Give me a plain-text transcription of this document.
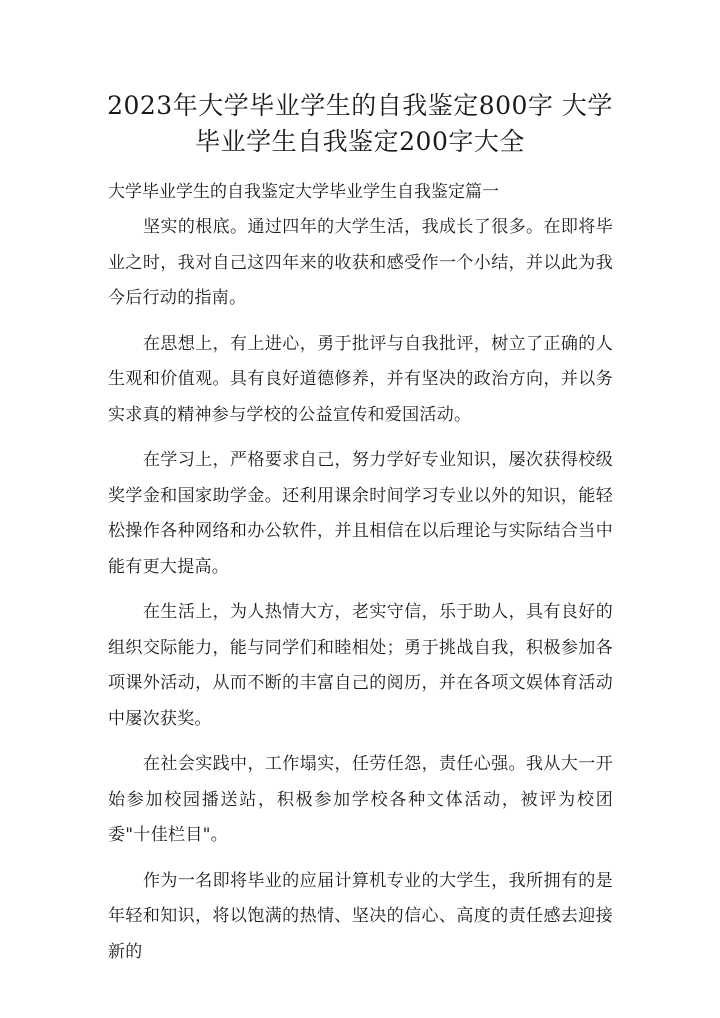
2023年大学毕业学生的自我鉴定800字 大学毕业学生自我鉴定200字大全

大学毕业学生的自我鉴定大学毕业学生自我鉴定篇一

坚实的根底。通过四年的大学生活，我成长了很多。在即将毕业之时，我对自己这四年来的收获和感受作一个小结，并以此为我今后行动的指南。

在思想上，有上进心，勇于批评与自我批评，树立了正确的人生观和价值观。具有良好道德修养，并有坚决的政治方向，并以务实求真的精神参与学校的公益宣传和爱国活动。

在学习上，严格要求自己，努力学好专业知识，屡次获得校级奖学金和国家助学金。还利用课余时间学习专业以外的知识，能轻松操作各种网络和办公软件，并且相信在以后理论与实际结合当中能有更大提高。

在生活上，为人热情大方，老实守信，乐于助人，具有良好的组织交际能力，能与同学们和睦相处；勇于挑战自我，积极参加各项课外活动，从而不断的丰富自己的阅历，并在各项文娱体育活动中屡次获奖。

在社会实践中，工作塌实，任劳任怨，责任心强。我从大一开始参加校园播送站，积极参加学校各种文体活动，被评为校团委"十佳栏目"。

作为一名即将毕业的应届计算机专业的大学生，我所拥有的是年轻和知识，将以饱满的热情、坚决的信心、高度的责任感去迎接新的
